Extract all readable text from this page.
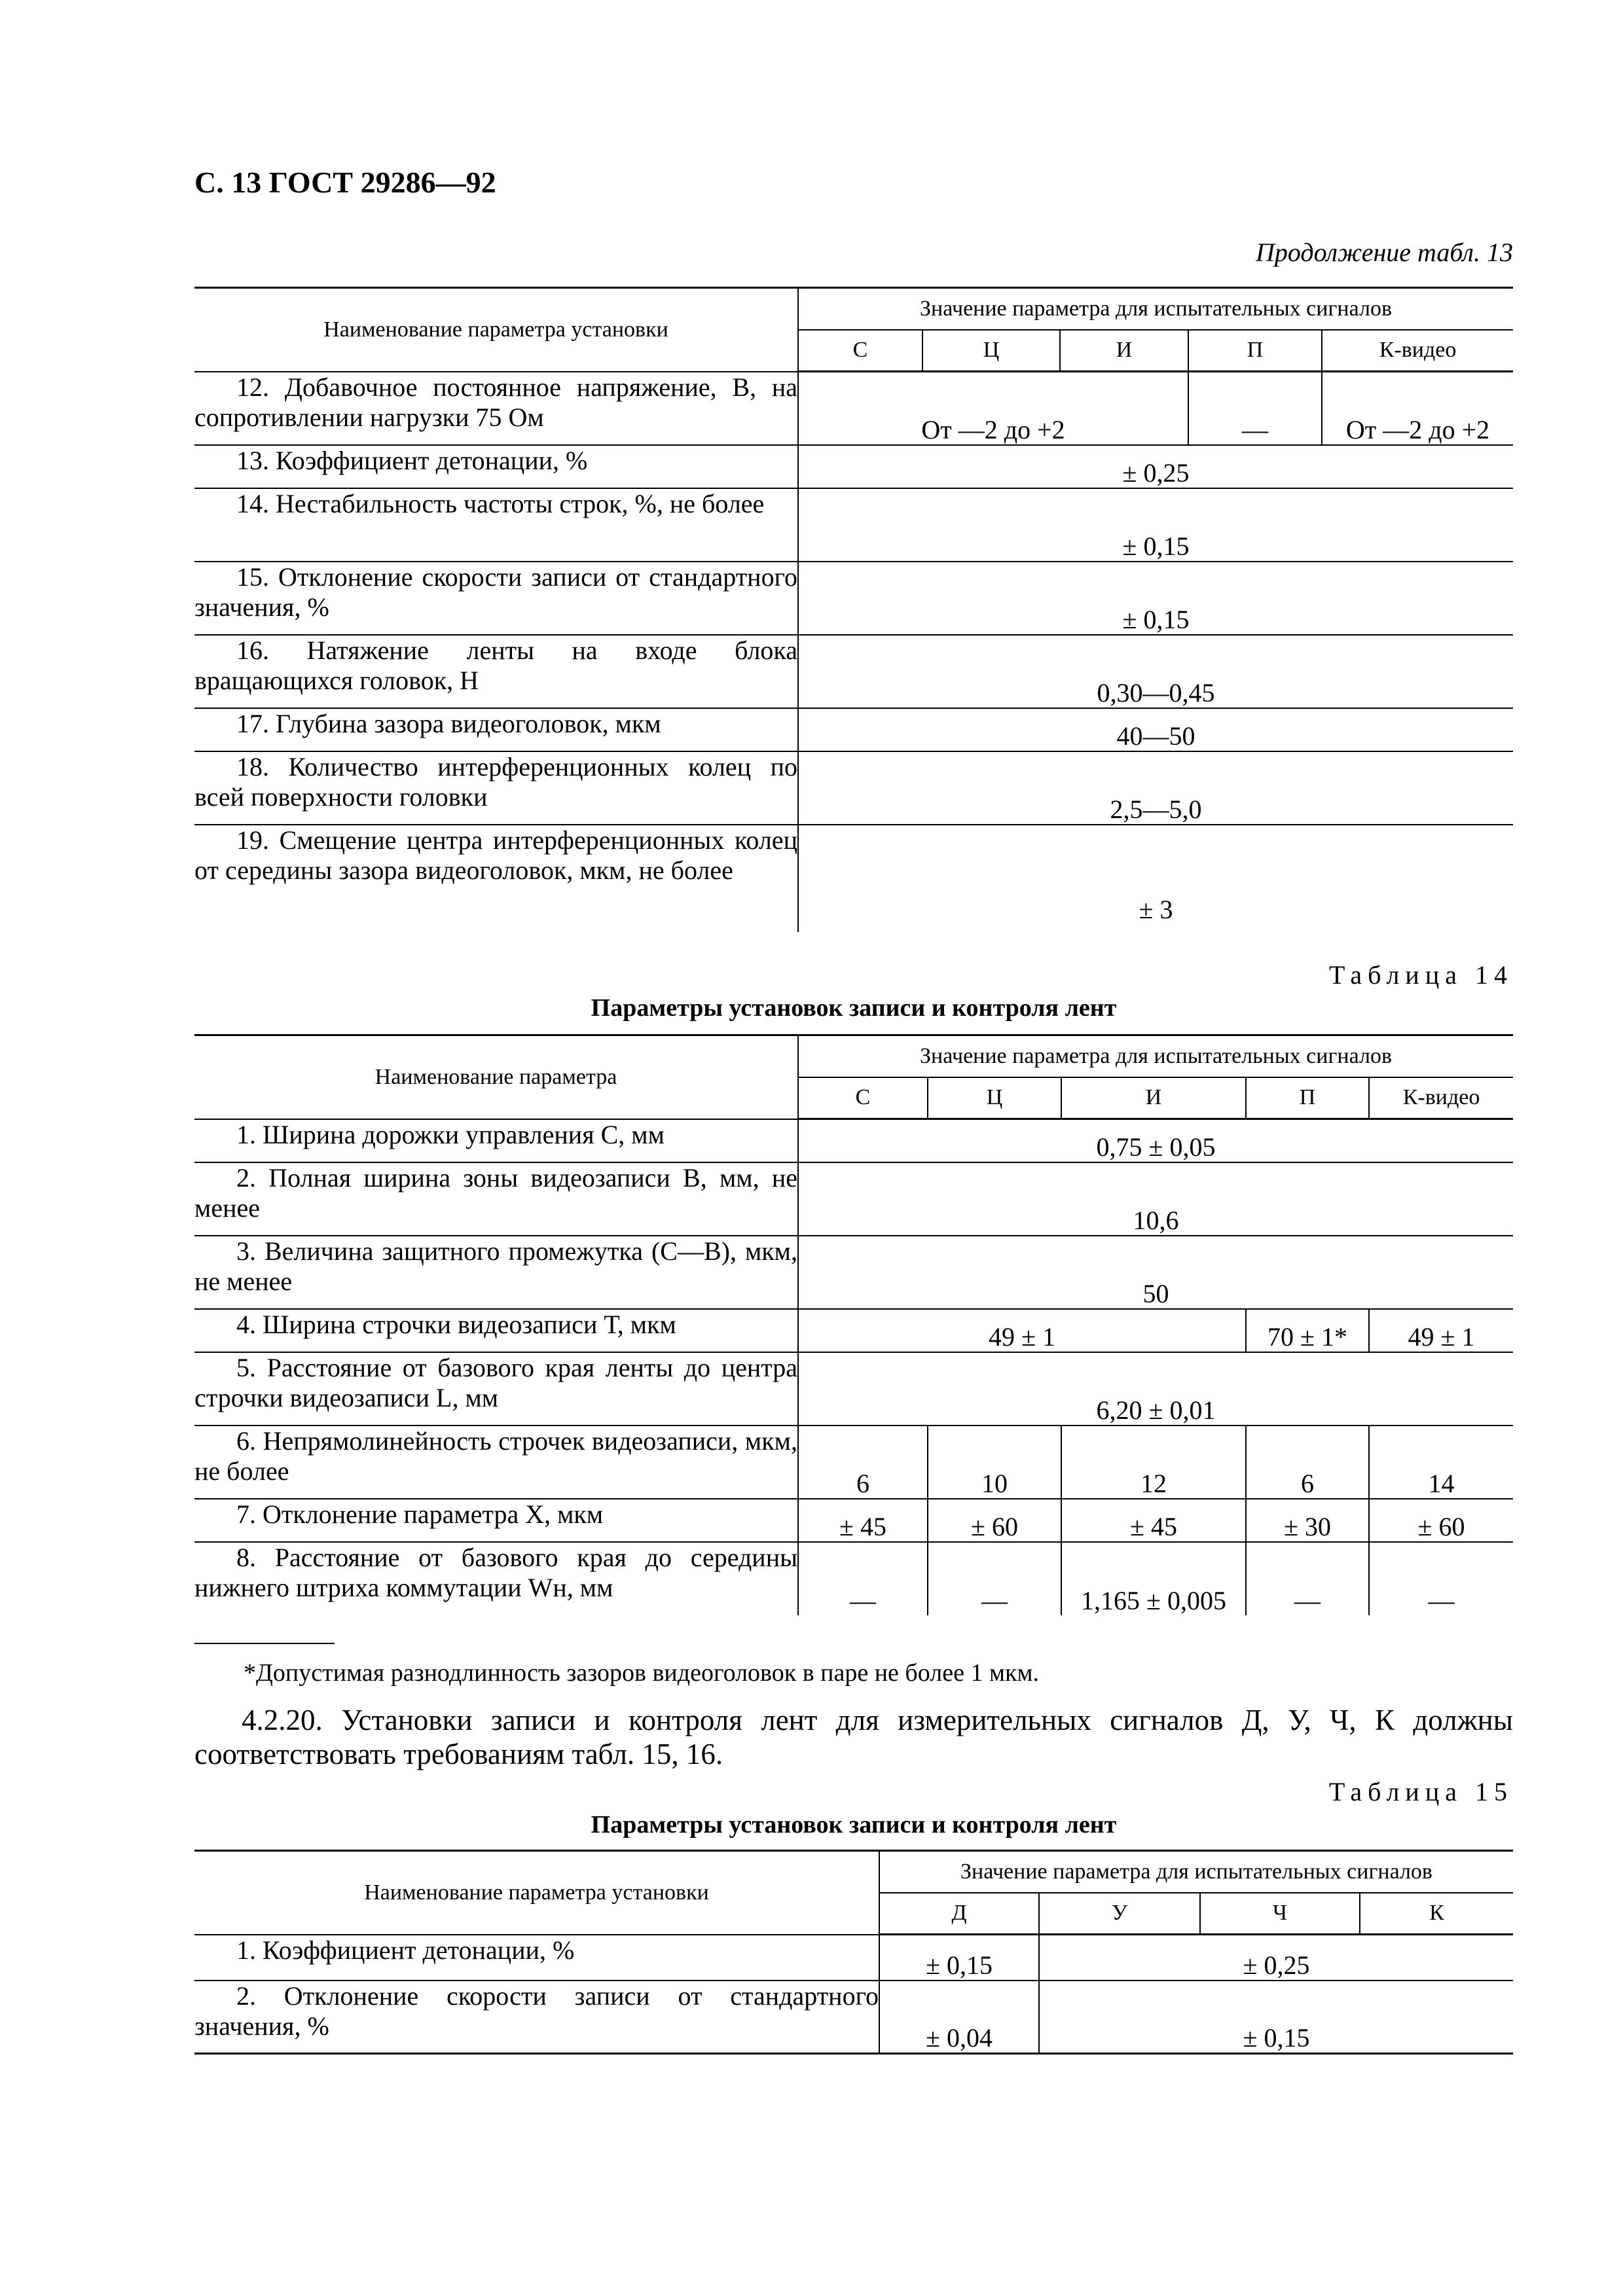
С. 13 ГОСТ 29286—92
Продолжение табл. 13
Наименование параметра установки	Значение параметра для испытательных сигналов				
	С	Ц	И	П	К-видео
12. Добавочное постоянное напряжение, В, на сопротивлении нагрузки 75 Ом	От —2 до +2			—	От —2 до +2
13. Коэффициент детонации, %	± 0,25				
14. Нестабильность частоты строк, %, не более	± 0,15				
15. Отклонение скорости записи от стандартного значения, %	± 0,15				
16. Натяжение ленты на входе блока вращающихся головок, Н	0,30—0,45				
17. Глубина зазора видеоголовок, мкм	40—50				
18. Количество интерференционных колец по всей поверхности головки	2,5—5,0				
19. Смещение центра интерференционных колец от середины зазора видеоголовок, мкм, не более	± 3				
Таблица 14
Параметры установок записи и контроля лент
Наименование параметра	Значение параметра для испытательных сигналов				
	С	Ц	И	П	К-видео
1. Ширина дорожки управления С, мм	0,75 ± 0,05				
2. Полная ширина зоны видеозаписи В, мм, не менее	10,6				
3. Величина защитного промежутка (С—В), мкм, не менее	50				
4. Ширина строчки видеозаписи Т, мкм	49 ± 1			70 ± 1*	49 ± 1
5. Расстояние от базового края ленты до центра строчки видеозаписи L, мм	6,20 ± 0,01				
6. Непрямолинейность строчек видеозаписи, мкм, не более	6	10	12	6	14
7. Отклонение параметра X, мкм	± 45	± 60	± 45	± 30	± 60
8. Расстояние от базового края до середины нижнего штриха коммутации Wн, мм	—	—	1,165 ± 0,005	—	—
*Допустимая разнодлинность зазоров видеоголовок в паре не более 1 мкм.
4.2.20. Установки записи и контроля лент для измерительных сигналов Д, У, Ч, К должны соответствовать требованиям табл. 15, 16.
Таблица 15
Параметры установок записи и контроля лент
Наименование параметра установки	Значение параметра для испытательных сигналов			
	Д	У	Ч	К
1. Коэффициент детонации, %	± 0,15	± 0,25		
2. Отклонение скорости записи от стандартного значения, %	± 0,04	± 0,15		
